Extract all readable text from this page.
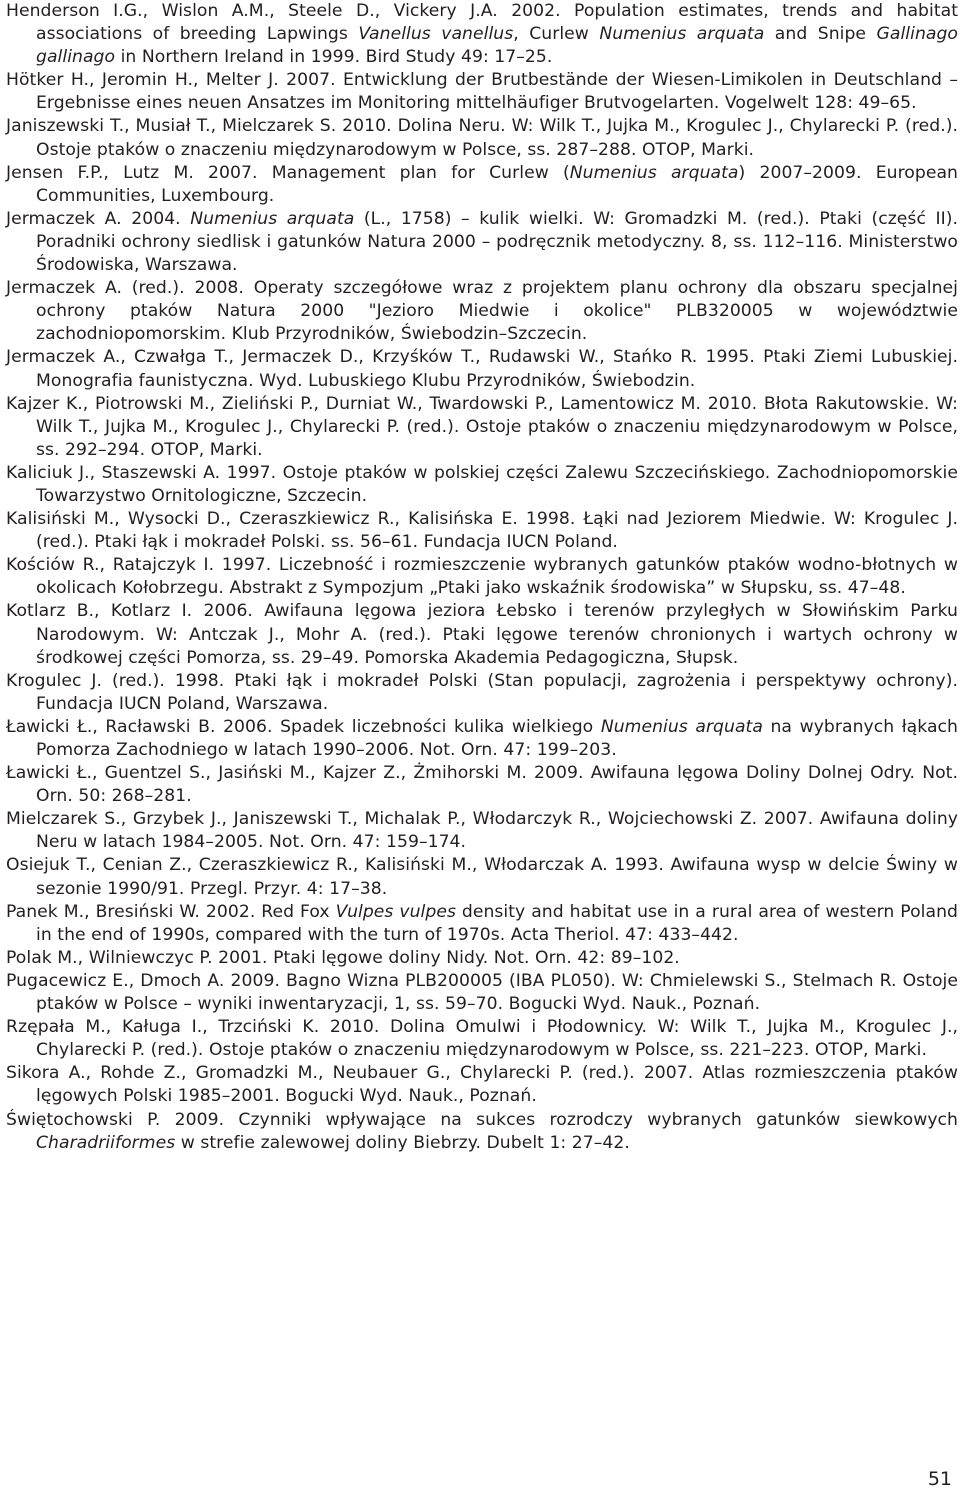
Henderson I.G., Wislon A.M., Steele D., Vickery J.A. 2002. Population estimates, trends and habitat associations of breeding Lapwings Vanellus vanellus, Curlew Numenius arquata and Snipe Gallinago gallinago in Northern Ireland in 1999. Bird Study 49: 17–25.

Hötker H., Jeromin H., Melter J. 2007. Entwicklung der Brutbestände der Wiesen-Limikolen in Deutschland – Ergebnisse eines neuen Ansatzes im Monitoring mittelhäufiger Brutvogelarten. Vogelwelt 128: 49–65.

Janiszewski T., Musiał T., Mielczarek S. 2010. Dolina Neru. W: Wilk T., Jujka M., Krogulec J., Chylarecki P. (red.). Ostoje ptaków o znaczeniu międzynarodowym w Polsce, ss. 287–288. OTOP, Marki.

Jensen F.P., Lutz M. 2007. Management plan for Curlew (Numenius arquata) 2007–2009. European Communities, Luxembourg.

Jermaczek A. 2004. Numenius arquata (L., 1758) – kulik wielki. W: Gromadzki M. (red.). Ptaki (część II). Poradniki ochrony siedlisk i gatunków Natura 2000 – podręcznik metodyczny. 8, ss. 112–116. Ministerstwo Środowiska, Warszawa.

Jermaczek A. (red.). 2008. Operaty szczegółowe wraz z projektem planu ochrony dla obszaru specjalnej ochrony ptaków Natura 2000 "Jezioro Miedwie i okolice" PLB320005 w województwie zachodniopomorskim. Klub Przyrodników, Świebodzin–Szczecin.

Jermaczek A., Czwałga T., Jermaczek D., Krzyśków T., Rudawski W., Stańko R. 1995. Ptaki Ziemi Lubuskiej. Monografia faunistyczna. Wyd. Lubuskiego Klubu Przyrodników, Świebodzin.

Kajzer K., Piotrowski M., Zieliński P., Durniat W., Twardowski P., Lamentowicz M. 2010. Błota Rakutowskie. W: Wilk T., Jujka M., Krogulec J., Chylarecki P. (red.). Ostoje ptaków o znaczeniu międzynarodowym w Polsce, ss. 292–294. OTOP, Marki.

Kaliciuk J., Staszewski A. 1997. Ostoje ptaków w polskiej części Zalewu Szczecińskiego. Zachodniopomorskie Towarzystwo Ornitologiczne, Szczecin.

Kalisiński M., Wysocki D., Czeraszkiewicz R., Kalisińska E. 1998. Łąki nad Jeziorem Miedwie. W: Krogulec J. (red.). Ptaki łąk i mokradeł Polski. ss. 56–61. Fundacja IUCN Poland.

Kościów R., Ratajczyk I. 1997. Liczebność i rozmieszczenie wybranych gatunków ptaków wodno-błotnych w okolicach Kołobrzegu. Abstrakt z Sympozjum „Ptaki jako wskaźnik środowiska” w Słupsku, ss. 47–48.

Kotlarz B., Kotlarz I. 2006. Awifauna lęgowa jeziora Łebsko i terenów przyległych w Słowińskim Parku Narodowym. W: Antczak J., Mohr A. (red.). Ptaki lęgowe terenów chronionych i wartych ochrony w środkowej części Pomorza, ss. 29–49. Pomorska Akademia Pedagogiczna, Słupsk.

Krogulec J. (red.). 1998. Ptaki łąk i mokradeł Polski (Stan populacji, zagrożenia i perspektywy ochrony). Fundacja IUCN Poland, Warszawa.

Ławicki Ł., Racławski B. 2006. Spadek liczebności kulika wielkiego Numenius arquata na wybranych łąkach Pomorza Zachodniego w latach 1990–2006. Not. Orn. 47: 199–203.

Ławicki Ł., Guentzel S., Jasiński M., Kajzer Z., Żmihorski M. 2009. Awifauna lęgowa Doliny Dolnej Odry. Not. Orn. 50: 268–281.

Mielczarek S., Grzybek J., Janiszewski T., Michalak P., Włodarczyk R., Wojciechowski Z. 2007. Awifauna doliny Neru w latach 1984–2005. Not. Orn. 47: 159–174.

Osiejuk T., Cenian Z., Czeraszkiewicz R., Kalisiński M., Włodarczak A. 1993. Awifauna wysp w delcie Świny w sezonie 1990/91. Przegl. Przyr. 4: 17–38.

Panek M., Bresiński W. 2002. Red Fox Vulpes vulpes density and habitat use in a rural area of western Poland in the end of 1990s, compared with the turn of 1970s. Acta Theriol. 47: 433–442.

Polak M., Wilniewczyc P. 2001. Ptaki lęgowe doliny Nidy. Not. Orn. 42: 89–102.

Pugacewicz E., Dmoch A. 2009. Bagno Wizna PLB200005 (IBA PL050). W: Chmielewski S., Stelmach R. Ostoje ptaków w Polsce – wyniki inwentaryzacji, 1, ss. 59–70. Bogucki Wyd. Nauk., Poznań.

Rzępała M., Kaługa I., Trzciński K. 2010. Dolina Omulwi i Płodownicy. W: Wilk T., Jujka M., Krogulec J., Chylarecki P. (red.). Ostoje ptaków o znaczeniu międzynarodowym w Polsce, ss. 221–223. OTOP, Marki.

Sikora A., Rohde Z., Gromadzki M., Neubauer G., Chylarecki P. (red.). 2007. Atlas rozmieszczenia ptaków lęgowych Polski 1985–2001. Bogucki Wyd. Nauk., Poznań.

Świętochowski P. 2009. Czynniki wpływające na sukces rozrodczy wybranych gatunków siewkowych Charadriiformes w strefie zalewowej doliny Biebrzy. Dubelt 1: 27–42.

51
